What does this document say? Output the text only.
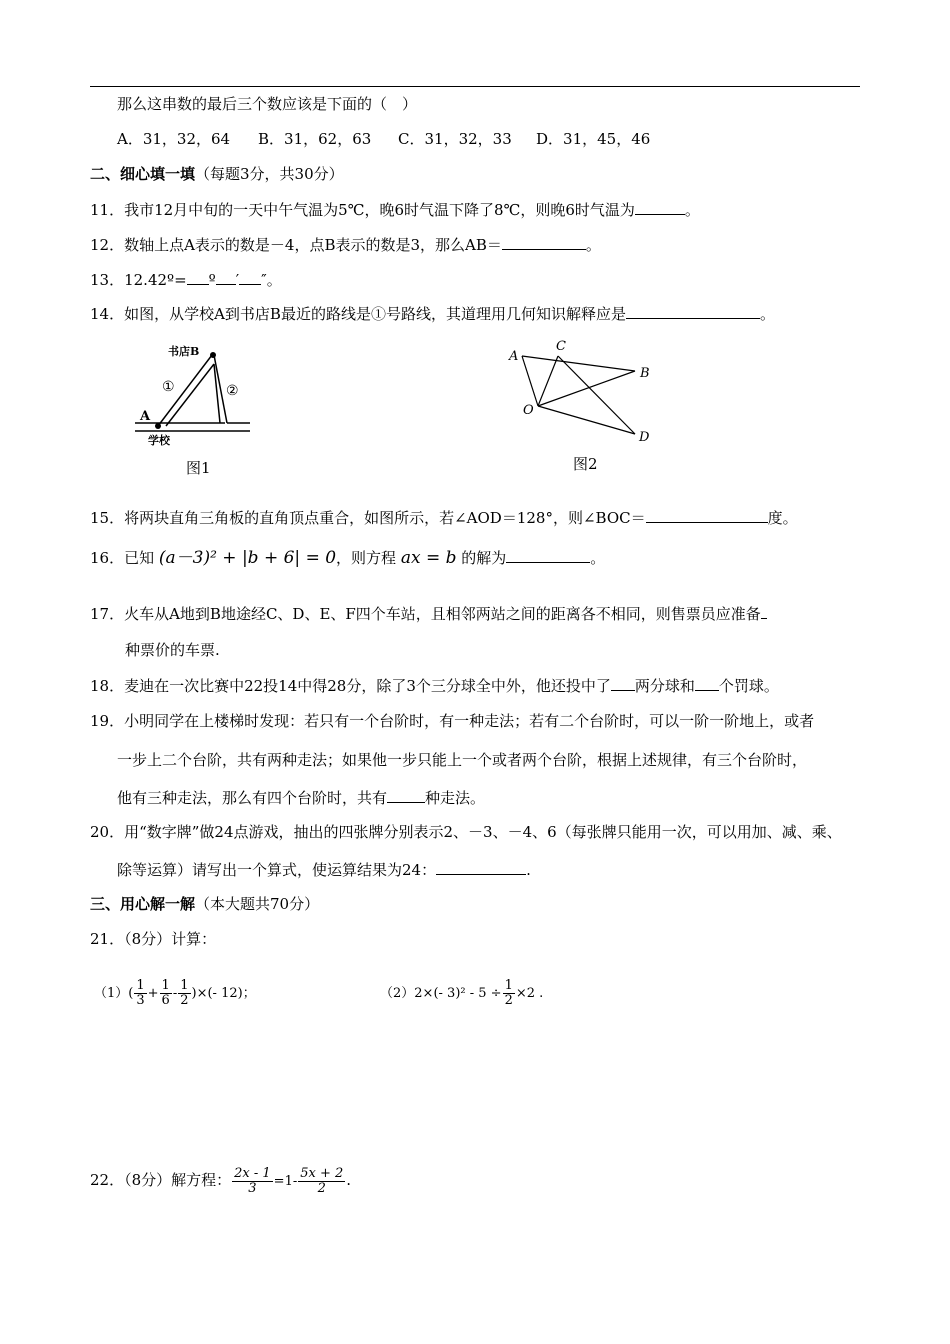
那么这串数的最后三个数应该是下面的（　）
A．31，32，64 B．31，62，63 C．31，32，33 D．31，45，46
二、细心填一填（每题3分，共30分）
11．我市12月中旬的一天中午气温为5℃，晚6时气温下降了8℃，则晚6时气温为	。
12．数轴上点A表示的数是－4，点B表示的数是3，那么AB＝	。
13．12.42º= º ′ ″。
14．如图，从学校A到书店B最近的路线是①号路线，其道理用几何知识解释应是	。
书店B
A
学校
①	②
图1
A
C
B
O
D
图2
15．将两块直角三角板的直角顶点重合，如图所示，若∠AOD＝128°，则∠BOC＝	度。
16．已知 (a－3)² + |b + 6| = 0，则方程 ax = b 的解为	。
17．火车从A地到B地途经C、D、E、F四个车站，且相邻两站之间的距离各不相同，则售票员应准备
种票价的车票.
18．麦迪在一次比赛中22投14中得28分，除了3个三分球全中外，他还投中了 两分球和 个罚球。
19．小明同学在上楼梯时发现：若只有一个台阶时，有一种走法；若有二个台阶时，可以一阶一阶地上，或者
一步上二个台阶，共有两种走法；如果他一步只能上一个或者两个台阶，根据上述规律，有三个台阶时，
他有三种走法，那么有四个台阶时，共有	种走法。
20．用“数字牌”做24点游戏，抽出的四张牌分别表示2、－3、－4、6（每张牌只能用一次，可以用加、减、乘、
除等运算）请写出一个算式，使运算结果为24：	.
三、用心解一解（本大题共70分）
21．（8分）计算：
$(1)( \frac{1}{3} + \frac{1}{6} - \frac{1}{2}$ )×(- 12)；	（2）2×(- $3)^2 - 5 \div \frac{1}{2} \times 2$ .
22．（8分）解方程： $\frac{2x - 1}{3} =1- \frac{5x + 2}{2}$ .
